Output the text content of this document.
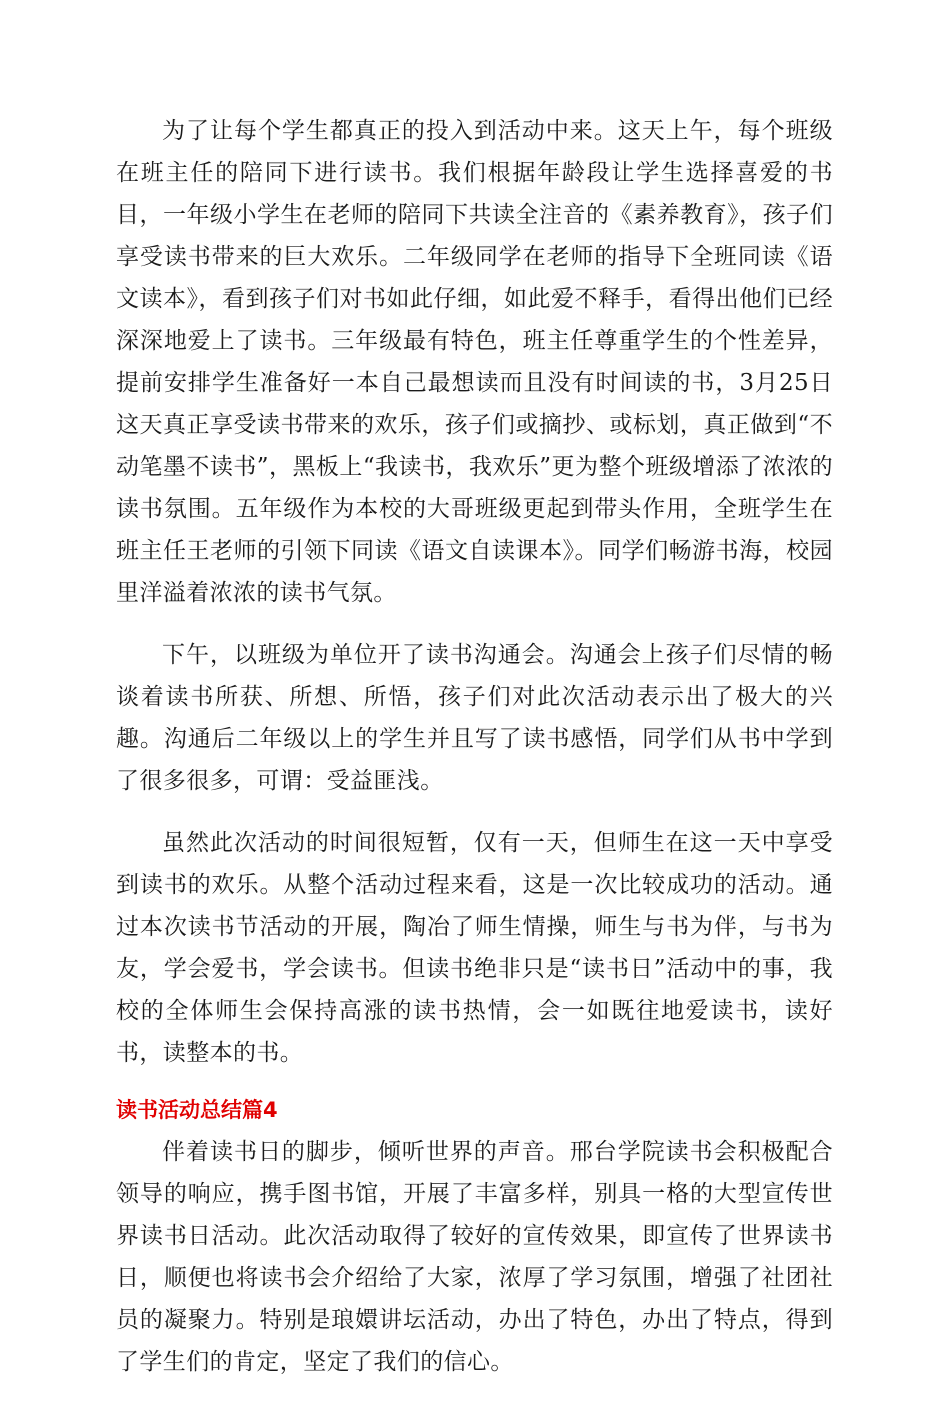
为了让每个学生都真正的投入到活动中来。这天上午，每个班级在班主任的陪同下进行读书。我们根据年龄段让学生选择喜爱的书目，一年级小学生在老师的陪同下共读全注音的《素养教育》，孩子们享受读书带来的巨大欢乐。二年级同学在老师的指导下全班同读《语文读本》，看到孩子们对书如此仔细，如此爱不释手，看得出他们已经深深地爱上了读书。三年级最有特色，班主任尊重学生的个性差异，提前安排学生准备好一本自己最想读而且没有时间读的书，3月25日这天真正享受读书带来的欢乐，孩子们或摘抄、或标划，真正做到“不动笔墨不读书”，黑板上“我读书，我欢乐”更为整个班级增添了浓浓的读书氛围。五年级作为本校的大哥班级更起到带头作用，全班学生在班主任王老师的引领下同读《语文自读课本》。同学们畅游书海，校园里洋溢着浓浓的读书气氛。

下午，以班级为单位开了读书沟通会。沟通会上孩子们尽情的畅谈着读书所获、所想、所悟，孩子们对此次活动表示出了极大的兴趣。沟通后二年级以上的学生并且写了读书感悟，同学们从书中学到了很多很多，可谓：受益匪浅。

虽然此次活动的时间很短暂，仅有一天，但师生在这一天中享受到读书的欢乐。从整个活动过程来看，这是一次比较成功的活动。通过本次读书节活动的开展，陶冶了师生情操，师生与书为伴，与书为友，学会爱书，学会读书。但读书绝非只是“读书日”活动中的事，我校的全体师生会保持高涨的读书热情，会一如既往地爱读书，读好书，读整本的书。

读书活动总结篇4

伴着读书日的脚步，倾听世界的声音。邢台学院读书会积极配合领导的响应，携手图书馆，开展了丰富多样，别具一格的大型宣传世界读书日活动。此次活动取得了较好的宣传效果，即宣传了世界读书日，顺便也将读书会介绍给了大家，浓厚了学习氛围，增强了社团社员的凝聚力。特别是琅嬛讲坛活动，办出了特色，办出了特点，得到了学生们的肯定，坚定了我们的信心。
